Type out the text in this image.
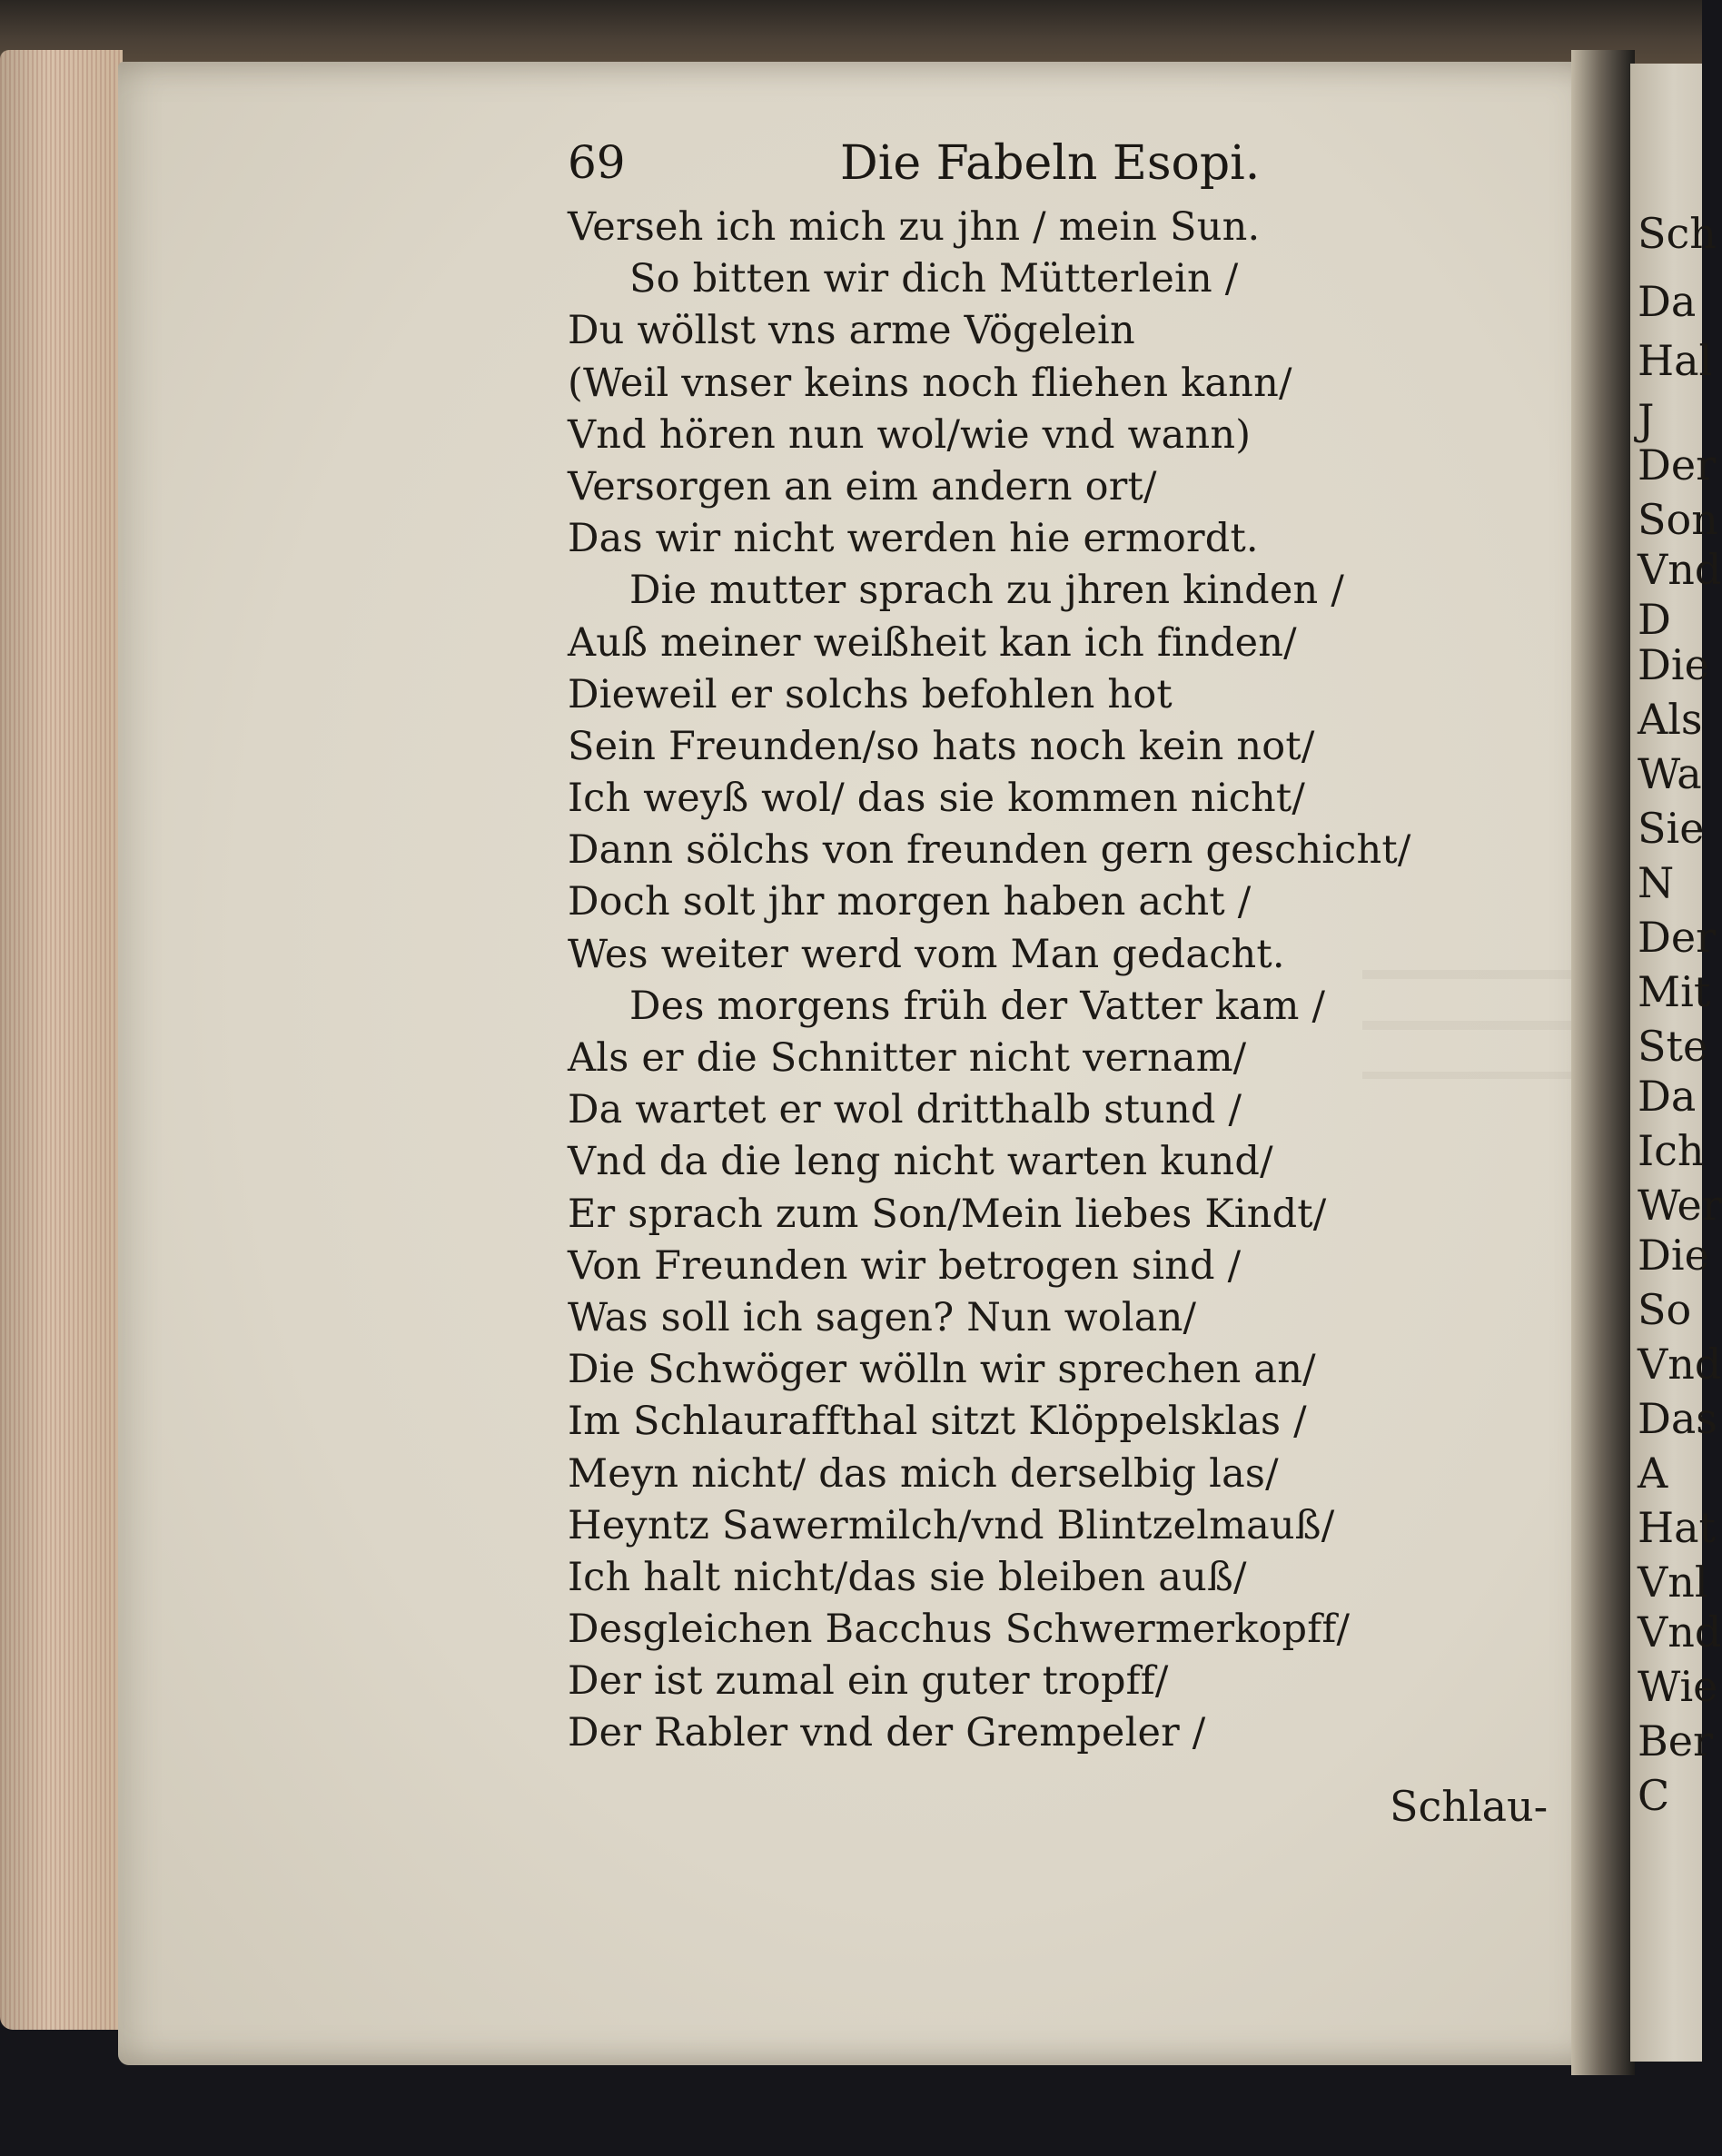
Sch
Da
Hal
J
Der
Son
Vnd
D
Die
Als
Wa
Sie
N
Der
Mit
Ste
Da
Ich
Wer
Die
So
Vnd
Das
A
Hat
Vnl
Vnd
Wie
Ber
C
69	Die Fabeln Esopi.
Verseh ich mich zu jhn / mein Sun.
So bitten wir dich Mütterlein /
Du wöllst vns arme Vögelein
(Weil vnser keins noch fliehen kann/
Vnd hören nun wol/wie vnd wann)
Versorgen an eim andern ort/
Das wir nicht werden hie ermordt.
Die mutter sprach zu jhren kinden /
Auß meiner weißheit kan ich finden/
Dieweil er solchs befohlen hot
Sein Freunden/so hats noch kein not/
Ich weyß wol/ das sie kommen nicht/
Dann sölchs von freunden gern geschicht/
Doch solt jhr morgen haben acht /
Wes weiter werd vom Man gedacht.
Des morgens früh der Vatter kam /
Als er die Schnitter nicht vernam/
Da wartet er wol dritthalb stund /
Vnd da die leng nicht warten kund/
Er sprach zum Son/Mein liebes Kindt/
Von Freunden wir betrogen sind /
Was soll ich sagen? Nun wolan/
Die Schwöger wölln wir sprechen an/
Im Schlauraffthal sitzt Klöppelsklas /
Meyn nicht/ das mich derselbig las/
Heyntz Sawermilch/vnd Blintzelmauß/
Ich halt nicht/das sie bleiben auß/
Desgleichen Bacchus Schwermerkopff/
Der ist zumal ein guter tropff/
Der Rabler vnd der Grempeler /
Schlau-
